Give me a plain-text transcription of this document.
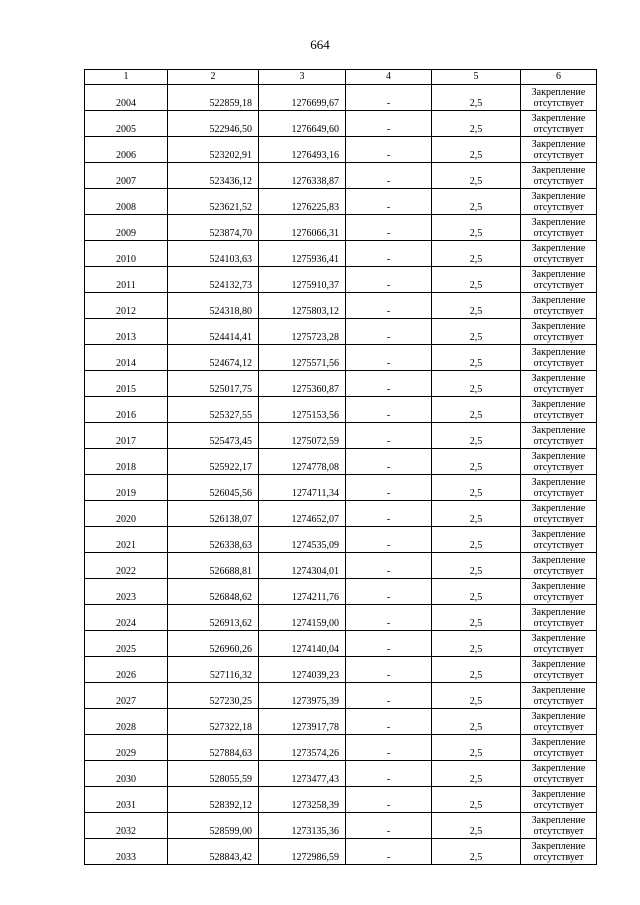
664
1	2	3	4	5	6
2004	522859,18	1276699,67	-	2,5	Закрепление
отсутствует

2005	522946,50	1276649,60	-	2,5	Закрепление
отсутствует

2006	523202,91	1276493,16	-	2,5	Закрепление
отсутствует

2007	523436,12	1276338,87	-	2,5	Закрепление
отсутствует

2008	523621,52	1276225,83	-	2,5	Закрепление
отсутствует

2009	523874,70	1276066,31	-	2,5	Закрепление
отсутствует

2010	524103,63	1275936,41	-	2,5	Закрепление
отсутствует

2011	524132,73	1275910,37	-	2,5	Закрепление
отсутствует

2012	524318,80	1275803,12	-	2,5	Закрепление
отсутствует

2013	524414,41	1275723,28	-	2,5	Закрепление
отсутствует

2014	524674,12	1275571,56	-	2,5	Закрепление
отсутствует

2015	525017,75	1275360,87	-	2,5	Закрепление
отсутствует

2016	525327,55	1275153,56	-	2,5	Закрепление
отсутствует

2017	525473,45	1275072,59	-	2,5	Закрепление
отсутствует

2018	525922,17	1274778,08	-	2,5	Закрепление
отсутствует

2019	526045,56	1274711,34	-	2,5	Закрепление
отсутствует

2020	526138,07	1274652,07	-	2,5	Закрепление
отсутствует

2021	526338,63	1274535,09	-	2,5	Закрепление
отсутствует

2022	526688,81	1274304,01	-	2,5	Закрепление
отсутствует

2023	526848,62	1274211,76	-	2,5	Закрепление
отсутствует

2024	526913,62	1274159,00	-	2,5	Закрепление
отсутствует

2025	526960,26	1274140,04	-	2,5	Закрепление
отсутствует

2026	527116,32	1274039,23	-	2,5	Закрепление
отсутствует

2027	527230,25	1273975,39	-	2,5	Закрепление
отсутствует

2028	527322,18	1273917,78	-	2,5	Закрепление
отсутствует

2029	527884,63	1273574,26	-	2,5	Закрепление
отсутствует

2030	528055,59	1273477,43	-	2,5	Закрепление
отсутствует

2031	528392,12	1273258,39	-	2,5	Закрепление
отсутствует

2032	528599,00	1273135,36	-	2,5	Закрепление
отсутствует

2033	528843,42	1272986,59	-	2,5	Закрепление
отсутствует
